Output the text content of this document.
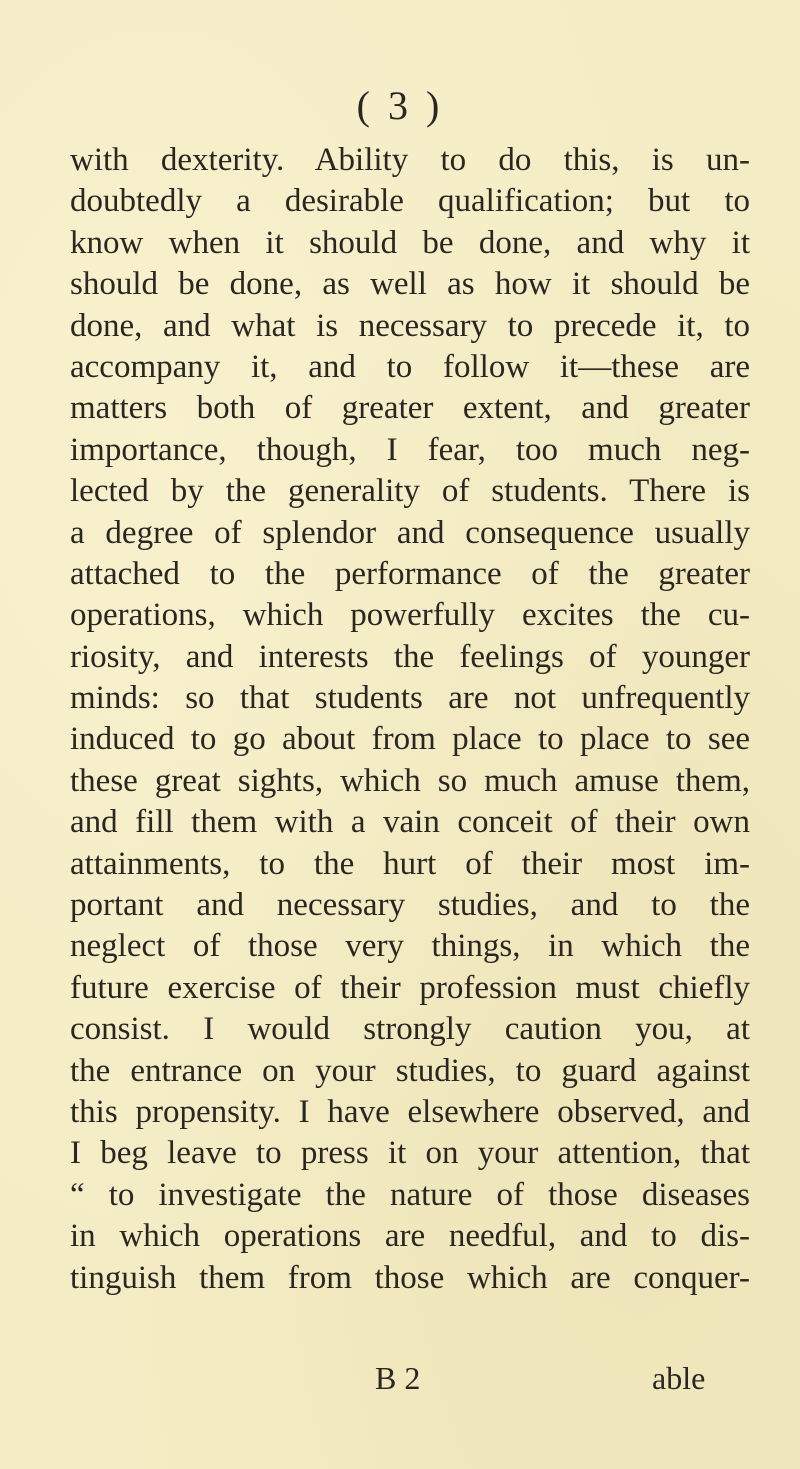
( 3 )
with dexterity. Ability to do this, is un-
doubtedly a desirable qualification; but to
know when it should be done, and why it
should be done, as well as how it should be
done, and what is necessary to precede it, to
accompany it, and to follow it—these are
matters both of greater extent, and greater
importance, though, I fear, too much neg-
lected by the generality of students. There is
a degree of splendor and consequence usually
attached to the performance of the greater
operations, which powerfully excites the cu-
riosity, and interests the feelings of younger
minds: so that students are not unfrequently
induced to go about from place to place to see
these great sights, which so much amuse them,
and fill them with a vain conceit of their own
attainments, to the hurt of their most im-
portant and necessary studies, and to the
neglect of those very things, in which the
future exercise of their profession must chiefly
consist. I would strongly caution you, at
the entrance on your studies, to guard against
this propensity. I have elsewhere observed, and
I beg leave to press it on your attention, that
“ to investigate the nature of those diseases
in which operations are needful, and to dis-
tinguish them from those which are conquer-
B 2	able
